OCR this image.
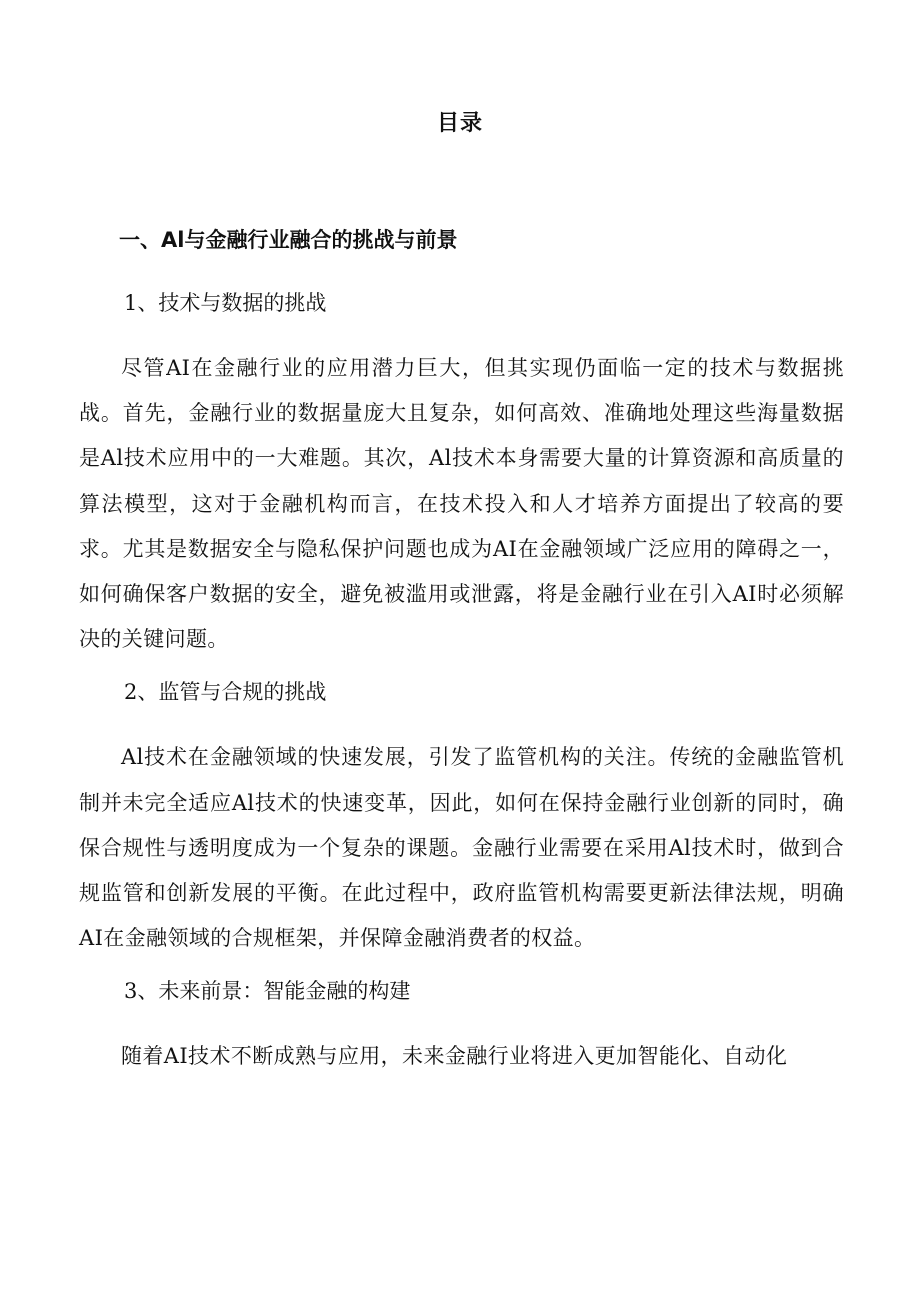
目录
一、Al与金融行业融合的挑战与前景
1、技术与数据的挑战

尽管AI在金融行业的应用潜力巨大，但其实现仍面临一定的技术与数据挑战。首先，金融行业的数据量庞大且复杂，如何高效、准确地处理这些海量数据是Al技术应用中的一大难题。其次，Al技术本身需要大量的计算资源和高质量的算法模型，这对于金融机构而言，在技术投入和人才培养方面提出了较高的要求。尤其是数据安全与隐私保护问题也成为AI在金融领域广泛应用的障碍之一，如何确保客户数据的安全，避免被滥用或泄露，将是金融行业在引入AI时必须解决的关键问题。

2、监管与合规的挑战

Al技术在金融领域的快速发展，引发了监管机构的关注。传统的金融监管机制并未完全适应Al技术的快速变革，因此，如何在保持金融行业创新的同时，确保合规性与透明度成为一个复杂的课题。金融行业需要在采用Al技术时，做到合规监管和创新发展的平衡。在此过程中，政府监管机构需要更新法律法规，明确AI在金融领域的合规框架，并保障金融消费者的权益。

3、未来前景：智能金融的构建

随着AI技术不断成熟与应用，未来金融行业将进入更加智能化、自动化
